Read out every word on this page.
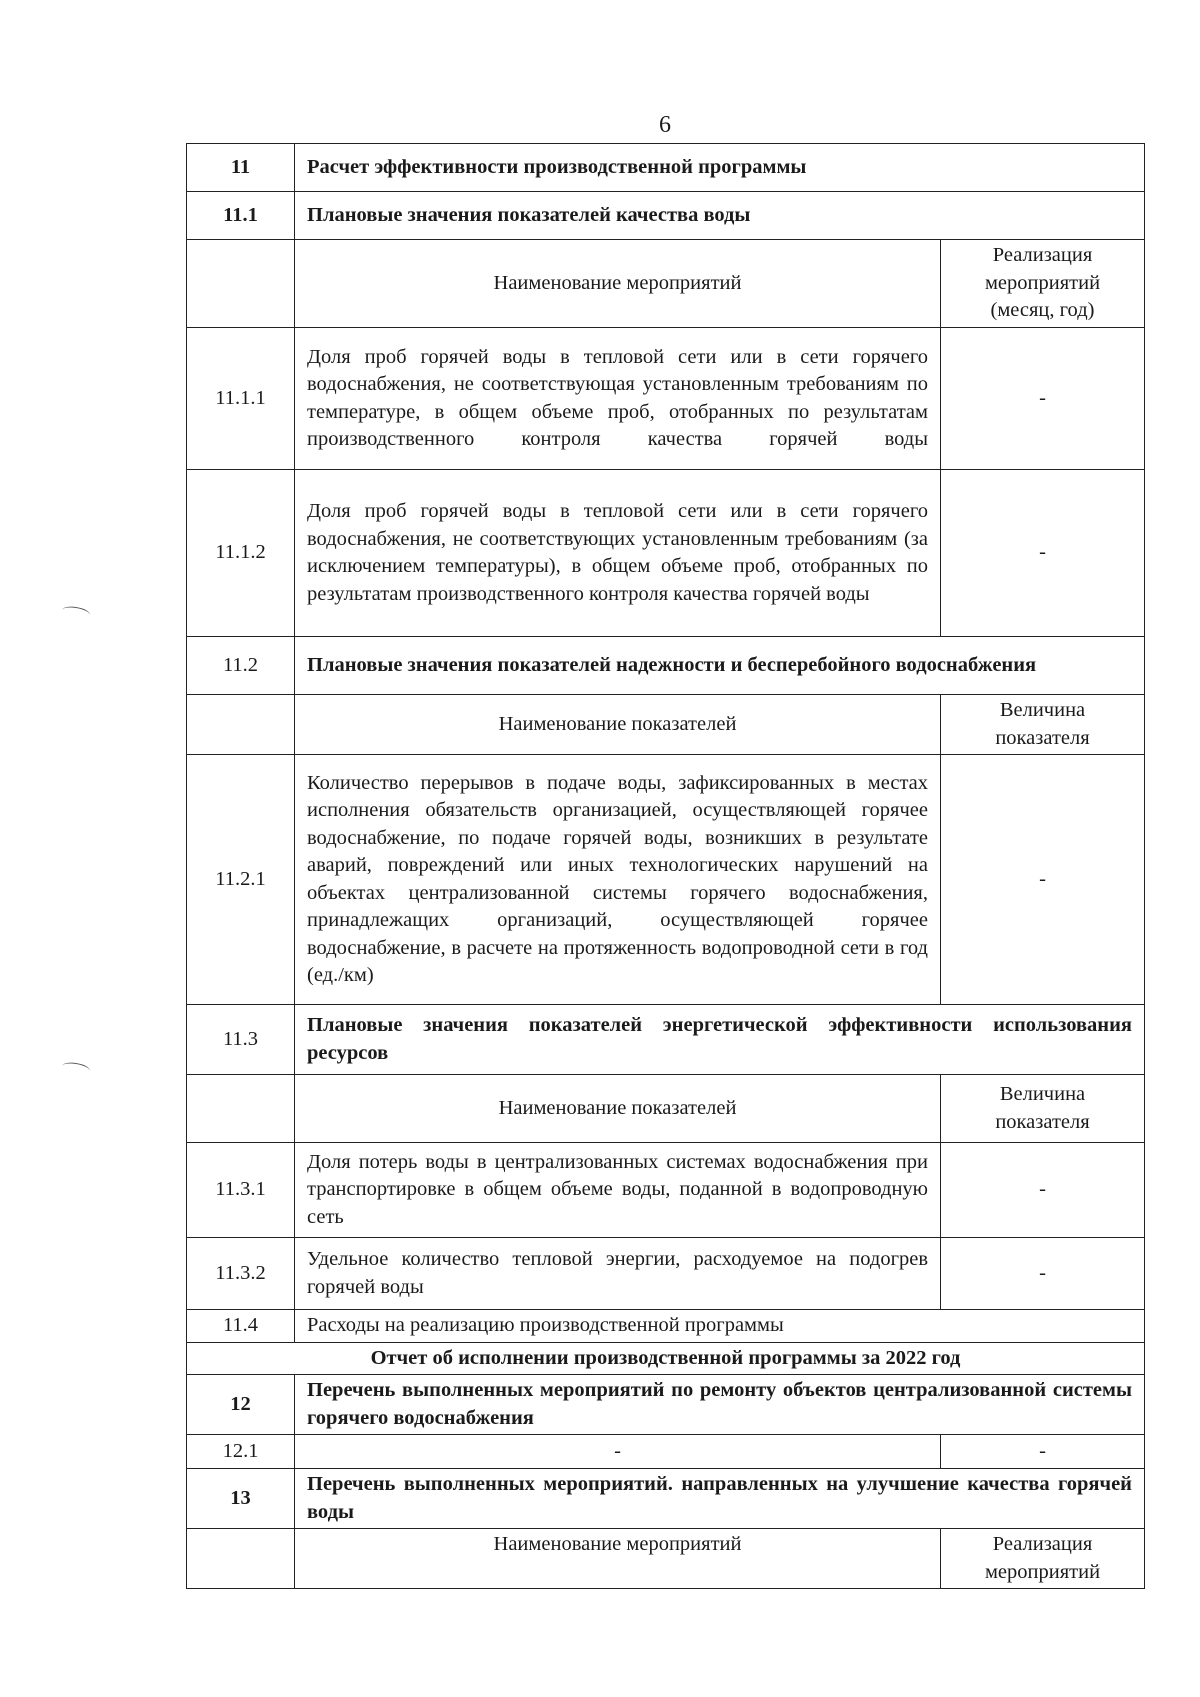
6
11	Расчет эффективности производственной программы	
11.1	Плановые значения показателей качества воды	
	Наименование мероприятий	Реализация мероприятий (месяц, год)
11.1.1	Доля проб горячей воды в тепловой сети или в сети горячего водоснабжения, не соответствующая установленным требованиям по температуре, в общем объеме проб, отобранных по результатам производственного контроля качества горячей воды	-
11.1.2	Доля проб горячей воды в тепловой сети или в сети горячего водоснабжения, не соответствующих установленным требованиям (за исключением температуры), в общем объеме проб, отобранных по результатам производственного контроля качества горячей воды	-
11.2	Плановые значения показателей надежности и бесперебойного водоснабжения	
	Наименование показателей	Величина показателя
11.2.1	Количество перерывов в подаче воды, зафиксированных в местах исполнения обязательств организацией, осуществляющей горячее водоснабжение, по подаче горячей воды, возникших в результате аварий, повреждений или иных технологических нарушений на объектах централизованной системы горячего водоснабжения, принадлежащих организаций, осуществляющей горячее водоснабжение, в расчете на протяженность водопроводной сети в год (ед./км)	-
11.3	Плановые значения показателей энергетической эффективности использования ресурсов	
	Наименование показателей	Величина показателя
11.3.1	Доля потерь воды в централизованных системах водоснабжения при транспортировке в общем объеме воды, поданной в водопроводную сеть	-
11.3.2	Удельное количество тепловой энергии, расходуемое на подогрев горячей воды	-
11.4	Расходы на реализацию производственной программы	
Отчет об исполнении производственной программы за 2022 год		
12	Перечень выполненных мероприятий по ремонту объектов централизованной системы горячего водоснабжения	
12.1	-	-
13	Перечень выполненных мероприятий. направленных на улучшение качества горячей воды	
	Наименование мероприятий	Реализация мероприятий
